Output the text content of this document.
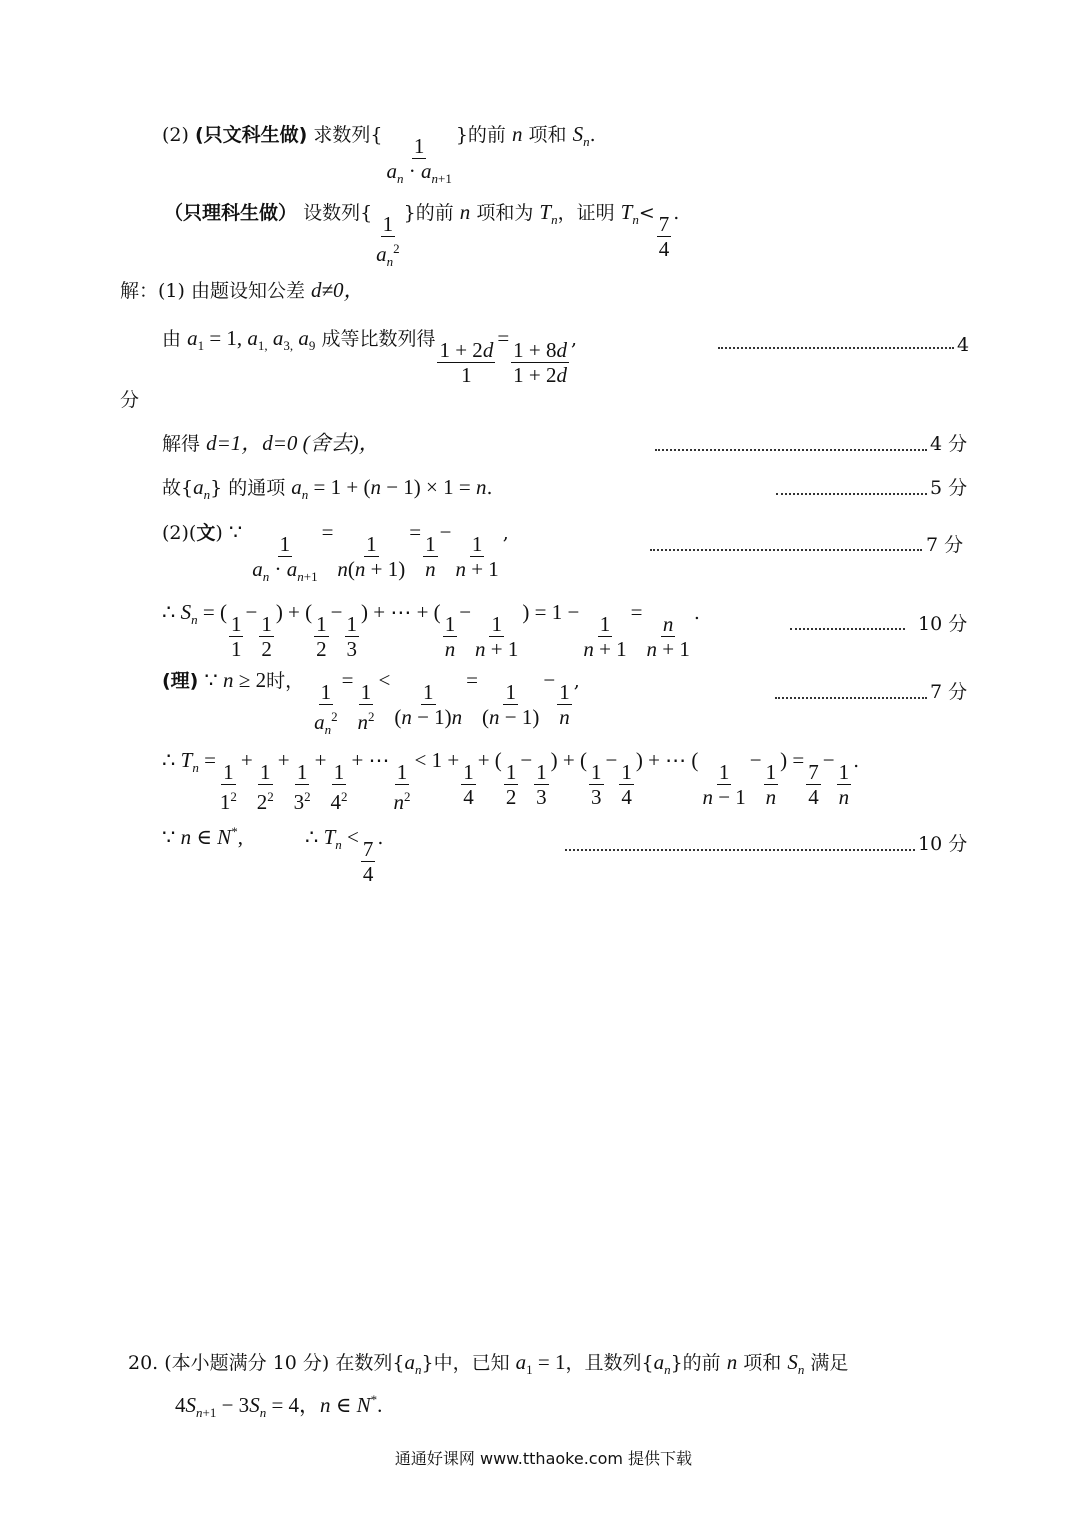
(2) (只文科生做) 求数列{ $\frac{1}{a_n \cdot a_{n+1}}$ }的前 n 项和 $S_n$.
（只理科生做） 设数列{ $\frac{1}{a_n^2}$ }的前 n 项和为 $T_n$，证明 $T_n< \frac{7}{4}$ .
解：(1) 由题设知公差 d≠0，
由 $a_1 = 1$, $a_{1,}$ $a_{3,}$ $a_9$ 成等比数列得 $\frac{1 + 2d}{1} = \frac{1 + 8d}{1 + 2d}$ ,	4
分
解得 d=1，d=0 (舍去)，	4 分
故$\{a_n\}$ 的通项 $a_n = 1 + (n - 1) \times 1 = n$.	5 分
(2)(文) ∵ $\frac{1}{a_n \cdot a_{n+1}} = \frac{1}{n(n + 1)} = \frac{1}{n} - \frac{1}{n + 1}$ ,
7 分
∴ $S_n$ = ( $\frac{1}{1} - \frac{1}{2}$ ) + ( $\frac{1}{2} - \frac{1}{3}$ ) + ⋯ + ( $\frac{1}{n} - \frac{1}{n + 1}$ ) = $1 - \frac{1}{n + 1} = \frac{n}{n + 1}$ .	10 分
(理) ∵ n ≥ 2时， $\frac{1}{a_n^2} = \frac{1}{n^2} < \frac{1}{(n - 1)n} = \frac{1}{(n - 1)} - \frac{1}{n}$ ,	7 分
∴ $T_n = \frac{1}{1^2} + \frac{1}{2^2} + \frac{1}{3^2} + \frac{1}{4^2}$ + ⋯ $\frac{1}{n^2} < 1 + \frac{1}{4}$ + ( $\frac{1}{2} - \frac{1}{3}$ ) + ( $\frac{1}{3} - \frac{1}{4}$ ) + ⋯ ( $\frac{1}{n - 1} - \frac{1}{n}$ ) = $\frac{7}{4} - \frac{1}{n}$ .
∵ n ∈ N*,	∴ $T_n < \frac{7}{4}$ .	10 分
20. (本小题满分 10 分) 在数列$\{a_n\}$中，已知 $a_1 = 1$，且数列$\{a_n\}$的前 n 项和 $S_n$ 满足
$4S_{n+1} - 3S_n = 4$，n ∈ N*.
通通好课网 www.tthaoke.com 提供下载
